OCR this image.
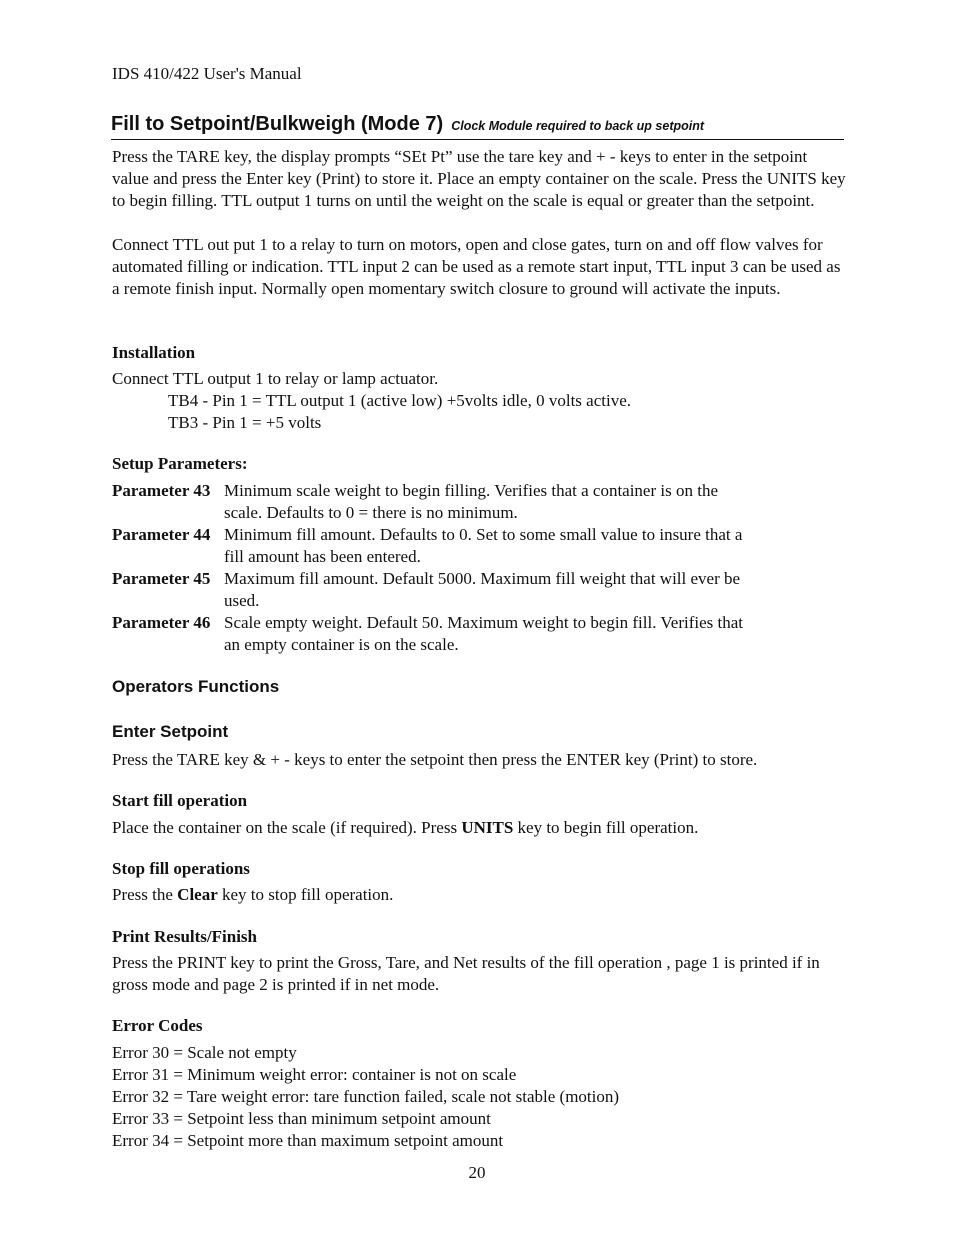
IDS 410/422 User's Manual
Fill to Setpoint/Bulkweigh (Mode 7) Clock Module required to back up setpoint
Press the TARE key, the display prompts “SEt Pt” use the tare key and + - keys to enter in the setpoint value and press the Enter key (Print) to store it. Place an empty container on the scale. Press the UNITS key to begin filling. TTL output 1 turns on until the weight on the scale is equal or greater than the setpoint.
Connect TTL out put 1 to a relay to turn on motors, open and close gates, turn on and off flow valves for automated filling or indication. TTL input 2 can be used as a remote start input, TTL input 3 can be used as a remote finish input. Normally open momentary switch closure to ground will activate the inputs.
Installation
Connect TTL output 1 to relay or lamp actuator.
TB4 - Pin 1 = TTL output 1 (active low) +5volts idle, 0 volts active.
TB3 - Pin 1 = +5 volts
Setup Parameters:
Parameter 43 Minimum scale weight to begin filling. Verifies that a container is on the scale. Defaults to 0 = there is no minimum.
Parameter 44 Minimum fill amount. Defaults to 0. Set to some small value to insure that a fill amount has been entered.
Parameter 45 Maximum fill amount. Default 5000. Maximum fill weight that will ever be used.
Parameter 46 Scale empty weight. Default 50. Maximum weight to begin fill. Verifies that an empty container is on the scale.
Operators Functions
Enter Setpoint
Press the TARE key & + - keys to enter the setpoint then press the ENTER key (Print) to store.
Start fill operation
Place the container on the scale (if required). Press UNITS key to begin fill operation.
Stop fill operations
Press the Clear key to stop fill operation.
Print Results/Finish
Press the PRINT key to print the Gross, Tare, and Net results of the fill operation , page 1 is printed if in gross mode and page 2 is printed if in net mode.
Error Codes
Error 30 = Scale not empty
Error 31 = Minimum weight error: container is not on scale
Error 32 = Tare weight error: tare function failed, scale not stable (motion)
Error 33 = Setpoint less than minimum setpoint amount
Error 34 = Setpoint more than maximum setpoint amount
20
